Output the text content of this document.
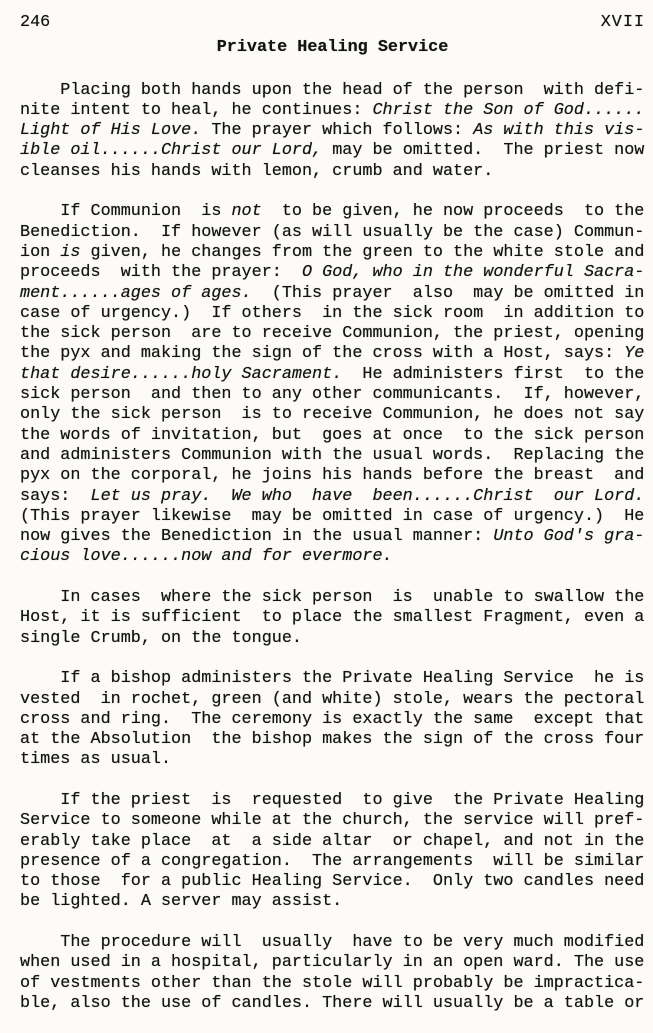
246	XVII
Private Healing Service
Placing both hands upon the head of the person  with defi-
nite intent to heal, he continues: Christ the Son of God......
Light of His Love. The prayer which follows: As with this vis-
ible oil......Christ our Lord, may be omitted.  The priest now
cleanses his hands with lemon, crumb and water.
If Communion  is not  to be given, he now proceeds  to the
Benediction.  If however (as will usually be the case) Commun-
ion is given, he changes from the green to the white stole and
proceeds  with the prayer:  O God, who in the wonderful Sacra-
ment......ages of ages.  (This prayer  also  may be omitted in
case of urgency.)  If others  in the sick room  in addition to
the sick person  are to receive Communion, the priest, opening
the pyx and making the sign of the cross with a Host, says: Ye
that desire......holy Sacrament.  He administers first  to the
sick person  and then to any other communicants.  If, however,
only the sick person  is to receive Communion, he does not say
the words of invitation, but  goes at once  to the sick person
and administers Communion with the usual words.  Replacing the
pyx on the corporal, he joins his hands before the breast  and
says:  Let us pray.  We who  have  been......Christ  our Lord.
(This prayer likewise  may be omitted in case of urgency.)  He
now gives the Benediction in the usual manner: Unto God's gra-
cious love......now and for evermore.
In cases  where the sick person  is  unable to swallow the
Host, it is sufficient  to place the smallest Fragment, even a
single Crumb, on the tongue.
If a bishop administers the Private Healing Service  he is
vested  in rochet, green (and white) stole, wears the pectoral
cross and ring.  The ceremony is exactly the same  except that
at the Absolution  the bishop makes the sign of the cross four
times as usual.
If the priest  is  requested  to give  the Private Healing
Service to someone while at the church, the service will pref-
erably take place  at  a side altar  or chapel, and not in the
presence of a congregation.  The arrangements  will be similar
to those  for a public Healing Service.  Only two candles need
be lighted. A server may assist.
The procedure will  usually  have to be very much modified
when used in a hospital, particularly in an open ward. The use
of vestments other than the stole will probably be impractica-
ble, also the use of candles. There will usually be a table or
